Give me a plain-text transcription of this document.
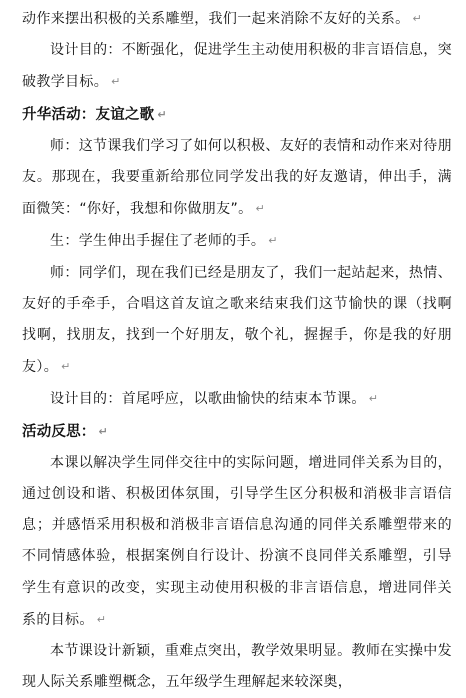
动作来摆出积极的关系雕塑，我们一起来消除不友好的关系。 ↵

设计目的：不断强化，促进学生主动使用积极的非言语信息，突破教学目标。 ↵

升华活动：友谊之歌 ↵

师：这节课我们学习了如何以积极、友好的表情和动作来对待朋友。那现在，我要重新给那位同学发出我的好友邀请，伸出手，满面微笑：“你好，我想和你做朋友”。 ↵

生：学生伸出手握住了老师的手。 ↵

师：同学们，现在我们已经是朋友了，我们一起站起来，热情、友好的手牵手，合唱这首友谊之歌来结束我们这节愉快的课（找啊找啊，找朋友，找到一个好朋友，敬个礼，握握手，你是我的好朋友）。 ↵

设计目的：首尾呼应，以歌曲愉快的结束本节课。 ↵

活动反思： ↵

本课以解决学生同伴交往中的实际问题，增进同伴关系为目的，通过创设和谐、积极团体氛围，引导学生区分积极和消极非言语信息；并感悟采用积极和消极非言语信息沟通的同伴关系雕塑带来的不同情感体验，根据案例自行设计、扮演不良同伴关系雕塑，引导学生有意识的改变，实现主动使用积极的非言语信息，增进同伴关系的目标。 ↵

本节课设计新颖，重难点突出，教学效果明显。教师在实操中发现人际关系雕塑概念，五年级学生理解起来较深奥，
